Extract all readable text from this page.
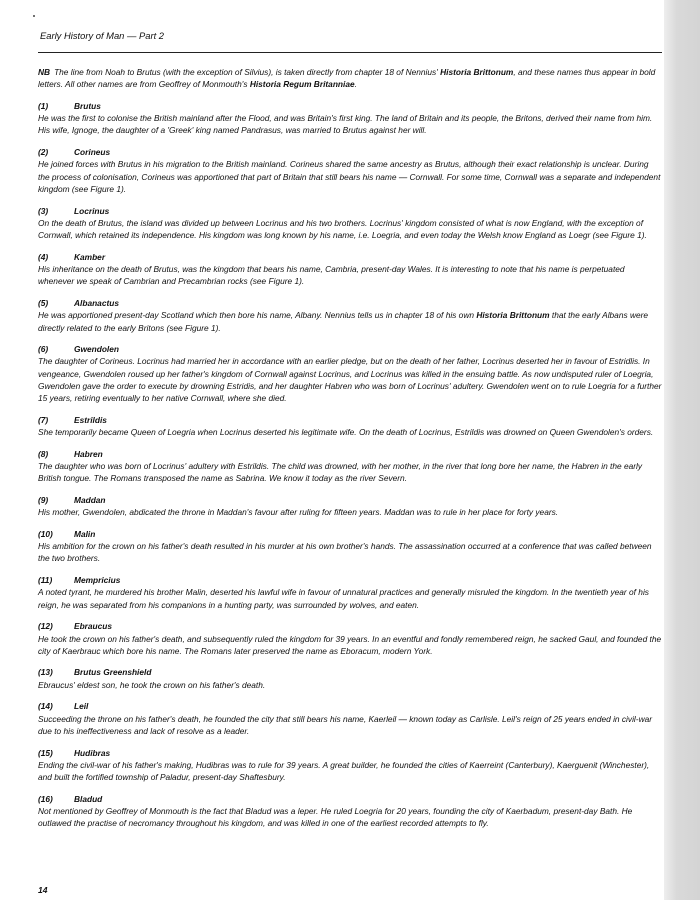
Early History of Man — Part 2

NB The line from Noah to Brutus (with the exception of Silvius), is taken directly from chapter 18 of Nennius' Historia Brittonum, and these names thus appear in bold letters. All other names are from Geoffrey of Monmouth's Historia Regum Britanniae.

(1)	Brutus

He was the first to colonise the British mainland after the Flood, and was Britain's first king. The land of Britain and its people, the Britons, derived their name from him. His wife, Ignoge, the daughter of a 'Greek' king named Pandrasus, was married to Brutus against her will.

(2)	Corineus

He joined forces with Brutus in his migration to the British mainland. Corineus shared the same ancestry as Brutus, although their exact relationship is unclear. During the process of colonisation, Corineus was apportioned that part of Britain that still bears his name — Cornwall. For some time, Cornwall was a separate and independent kingdom (see Figure 1).

(3)	Locrinus

On the death of Brutus, the island was divided up between Locrinus and his two brothers. Locrinus' kingdom consisted of what is now England, with the exception of Cornwall, which retained its independence. His kingdom was long known by his name, i.e. Loegria, and even today the Welsh know England as Loegr (see Figure 1).

(4)	Kamber

His inheritance on the death of Brutus, was the kingdom that bears his name, Cambria, present-day Wales. It is interesting to note that his name is perpetuated whenever we speak of Cambrian and Precambrian rocks (see Figure 1).

(5)	Albanactus

He was apportioned present-day Scotland which then bore his name, Albany. Nennius tells us in chapter 18 of his own Historia Brittonum that the early Albans were directly related to the early Britons (see Figure 1).

(6)	Gwendolen

The daughter of Corineus. Locrinus had married her in accordance with an earlier pledge, but on the death of her father, Locrinus deserted her in favour of Estridlis. In vengeance, Gwendolen roused up her father's kingdom of Cornwall against Locrinus, and Locrinus was killed in the ensuing battle. As now undisputed ruler of Loegria, Gwendolen gave the order to execute by drowning Estridis, and her daughter Habren who was born of Locrinus' adultery. Gwendolen went on to rule Loegria for a further 15 years, retiring eventually to her native Cornwall, where she died.

(7)	Estrildis

She temporarily became Queen of Loegria when Locrinus deserted his legitimate wife. On the death of Locrinus, Estrildis was drowned on Queen Gwendolen's orders.

(8)	Habren

The daughter who was born of Locrinus' adultery with Estrildis. The child was drowned, with her mother, in the river that long bore her name, the Habren in the early British tongue. The Romans transposed the name as Sabrina. We know it today as the river Severn.

(9)	Maddan

His mother, Gwendolen, abdicated the throne in Maddan's favour after ruling for fifteen years. Maddan was to rule in her place for forty years.

(10)	Malin

His ambition for the crown on his father's death resulted in his murder at his own brother's hands. The assassination occurred at a conference that was called between the two brothers.

(11)	Mempricius

A noted tyrant, he murdered his brother Malin, deserted his lawful wife in favour of unnatural practices and generally misruled the kingdom. In the twentieth year of his reign, he was separated from his companions in a hunting party, was surrounded by wolves, and eaten.

(12)	Ebraucus

He took the crown on his father's death, and subsequently ruled the kingdom for 39 years. In an eventful and fondly remembered reign, he sacked Gaul, and founded the city of Kaerbrauc which bore his name. The Romans later preserved the name as Eboracum, modern York.

(13)	Brutus Greenshield

Ebraucus' eldest son, he took the crown on his father's death.

(14)	Leil

Succeeding the throne on his father's death, he founded the city that still bears his name, Kaerleil — known today as Carlisle. Leil's reign of 25 years ended in civil-war due to his ineffectiveness and lack of resolve as a leader.

(15)	Hudibras

Ending the civil-war of his father's making, Hudibras was to rule for 39 years. A great builder, he founded the cities of Kaerreint (Canterbury), Kaerguenit (Winchester), and built the fortified township of Paladur, present-day Shaftesbury.

(16)	Bladud

Not mentioned by Geoffrey of Monmouth is the fact that Bladud was a leper. He ruled Loegria for 20 years, founding the city of Kaerbadum, present-day Bath. He outlawed the practise of necromancy throughout his kingdom, and was killed in one of the earliest recorded attempts to fly.

14
